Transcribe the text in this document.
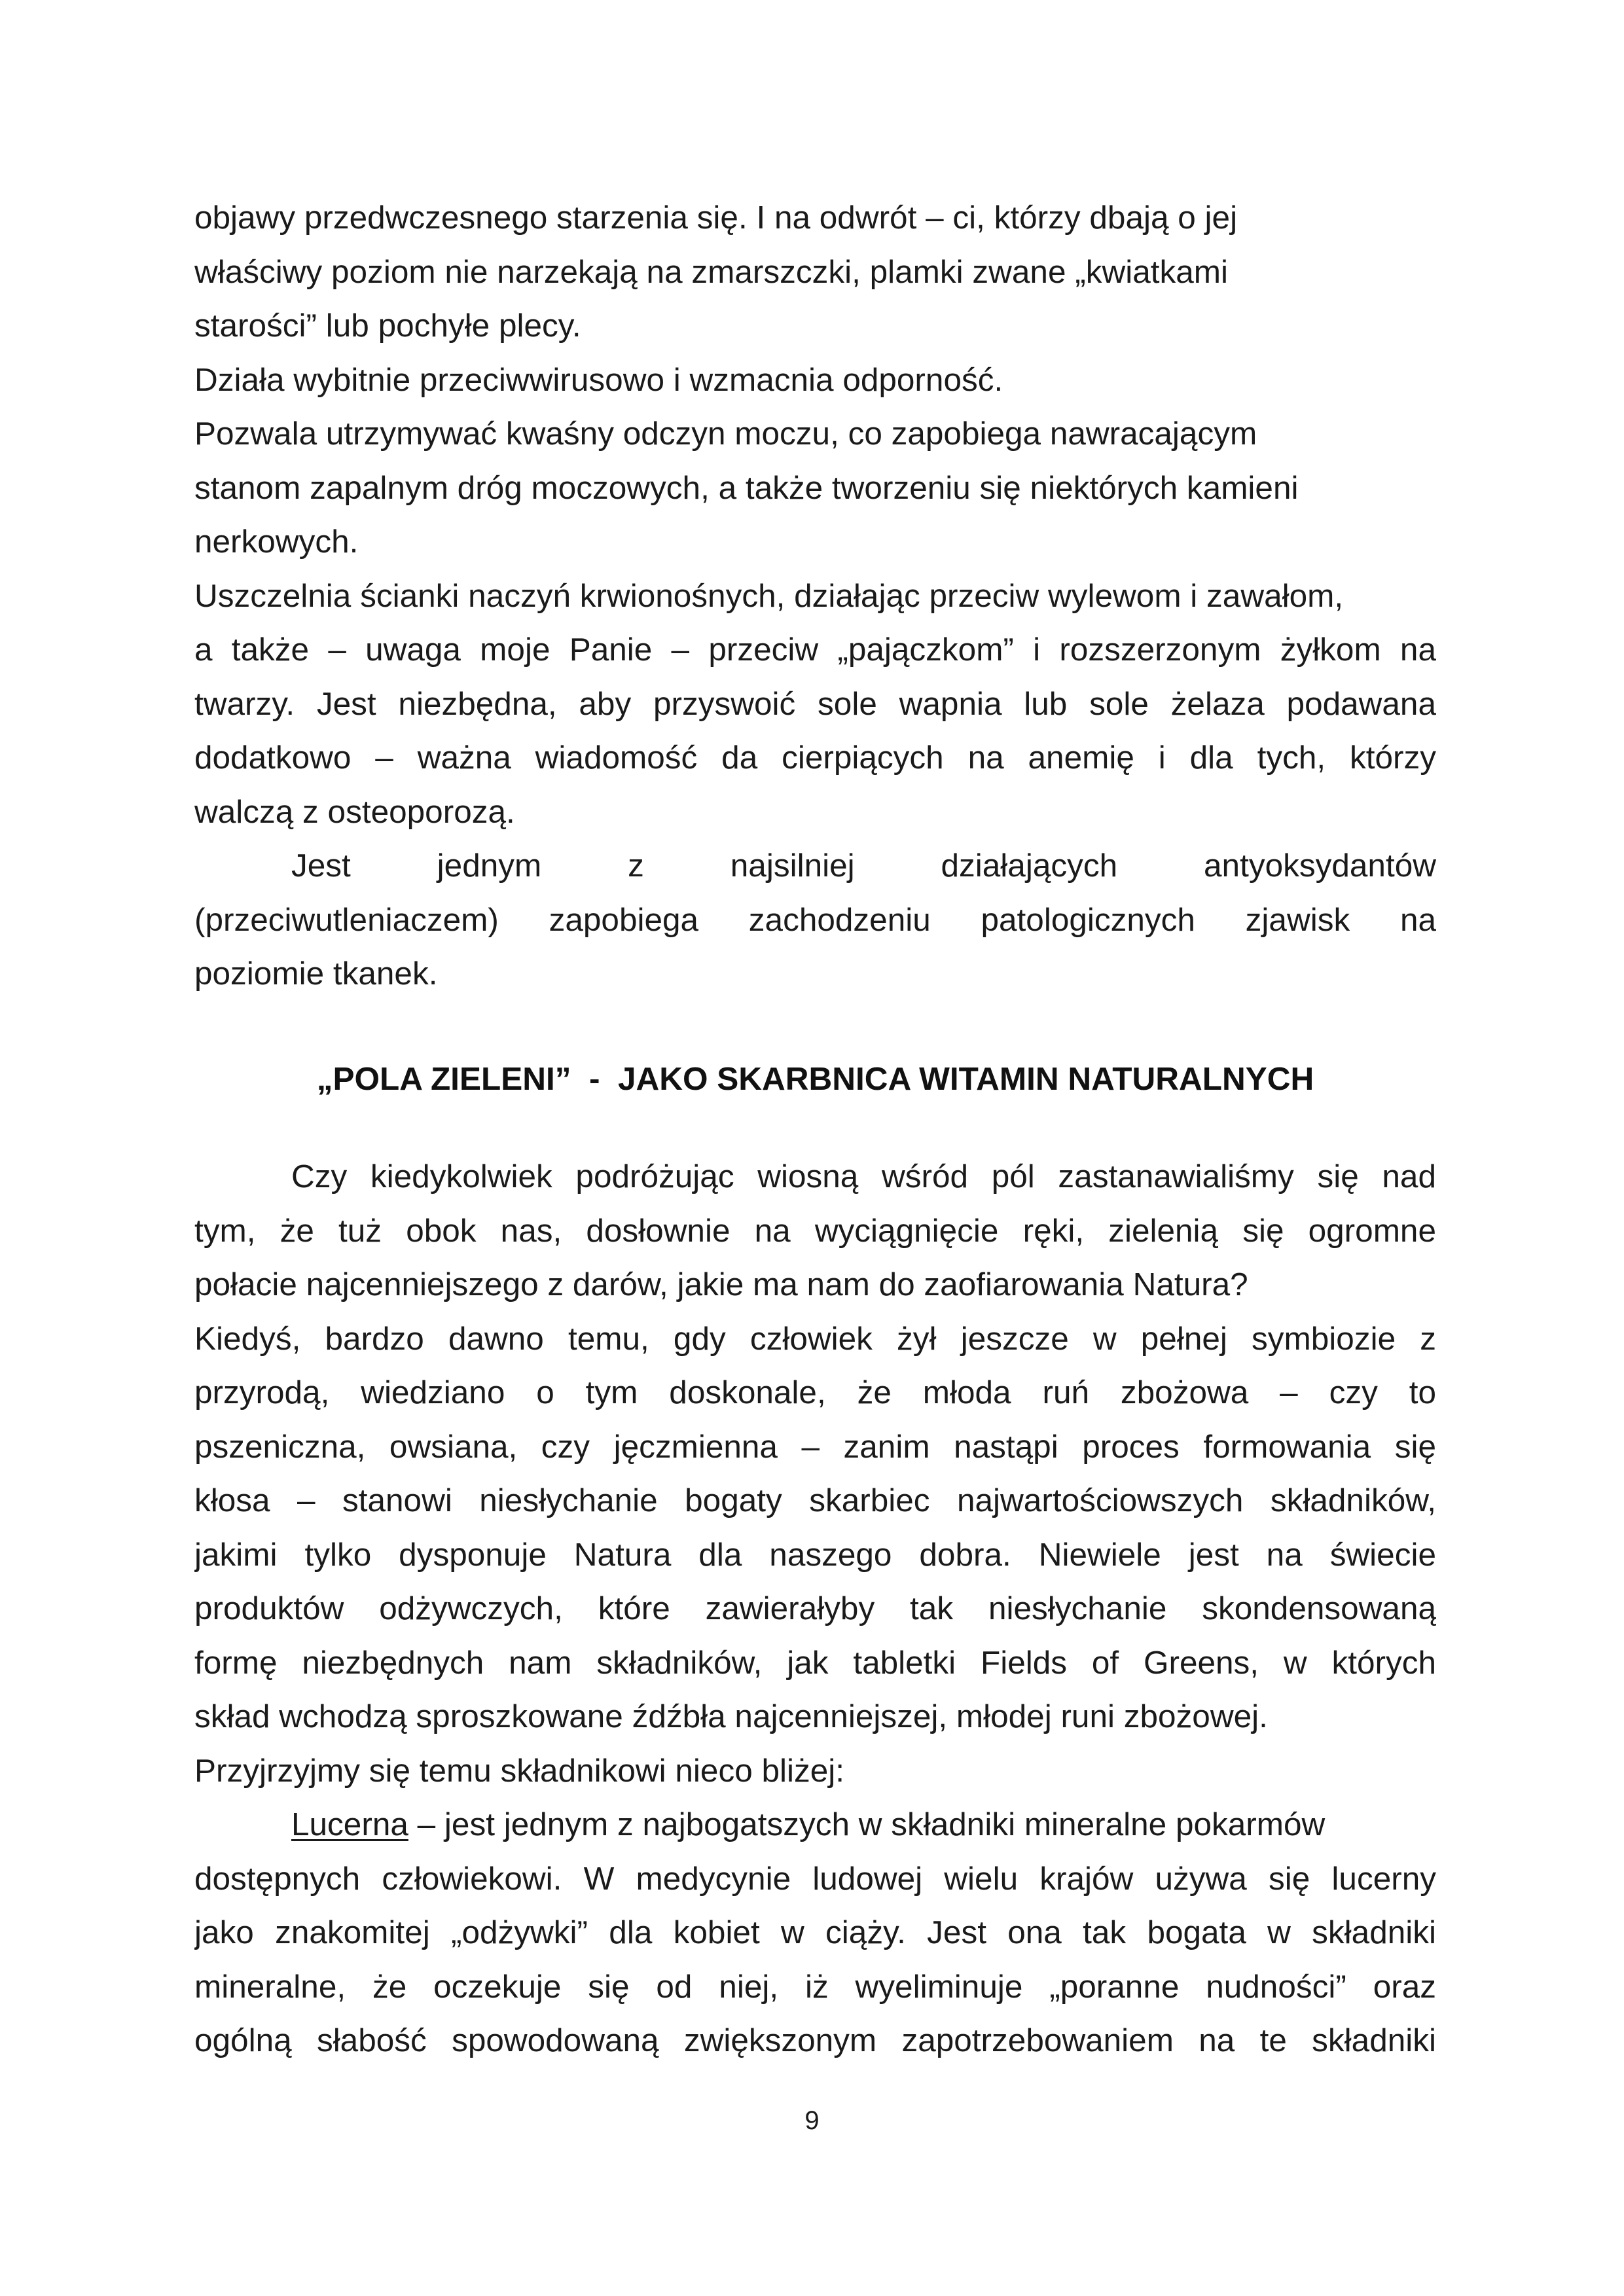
objawy przedwczesnego starzenia się. I na odwrót – ci, którzy dbają o jej
właściwy poziom nie narzekają na zmarszczki, plamki zwane „kwiatkami
starości” lub pochyłe plecy.
Działa wybitnie przeciwwirusowo i wzmacnia odporność.
Pozwala utrzymywać kwaśny odczyn moczu, co zapobiega nawracającym
stanom zapalnym dróg moczowych, a także tworzeniu się niektórych kamieni
nerkowych.
Uszczelnia ścianki naczyń krwionośnych, działając przeciw wylewom i zawałom,
a także – uwaga moje Panie – przeciw „pajączkom” i rozszerzonym żyłkom na
twarzy. Jest niezbędna, aby przyswoić sole wapnia lub sole żelaza podawana
dodatkowo – ważna wiadomość da cierpiących na anemię i dla tych, którzy
walczą z osteoporozą.
Jest jednym z najsilniej działających antyoksydantów
(przeciwutleniaczem) zapobiega zachodzeniu patologicznych zjawisk na
poziomie tkanek.
„POLA ZIELENI”  -  JAKO SKARBNICA WITAMIN NATURALNYCH
Czy kiedykolwiek podróżując wiosną wśród pól zastanawialiśmy się nad
tym, że tuż obok nas, dosłownie na wyciągnięcie ręki, zielenią się ogromne
połacie najcenniejszego z darów, jakie ma nam do zaofiarowania Natura?
Kiedyś, bardzo dawno temu, gdy człowiek żył jeszcze w pełnej symbiozie z
przyrodą, wiedziano o tym doskonale, że młoda ruń zbożowa – czy to
pszeniczna, owsiana, czy jęczmienna – zanim nastąpi proces formowania się
kłosa – stanowi niesłychanie bogaty skarbiec najwartościowszych składników,
jakimi tylko dysponuje Natura dla naszego dobra. Niewiele jest na świecie
produktów odżywczych, które zawierałyby tak niesłychanie skondensowaną
formę niezbędnych nam składników, jak tabletki Fields of Greens, w których
skład wchodzą sproszkowane źdźbła najcenniejszej, młodej runi zbożowej.
Przyjrzyjmy się temu składnikowi nieco bliżej:
Lucerna – jest jednym z najbogatszych w składniki mineralne pokarmów
dostępnych człowiekowi. W medycynie ludowej wielu krajów używa się lucerny
jako znakomitej „odżywki” dla kobiet w ciąży. Jest ona tak bogata w składniki
mineralne, że oczekuje się od niej, iż wyeliminuje „poranne nudności” oraz
ogólną słabość spowodowaną zwiększonym zapotrzebowaniem na te składniki
9
